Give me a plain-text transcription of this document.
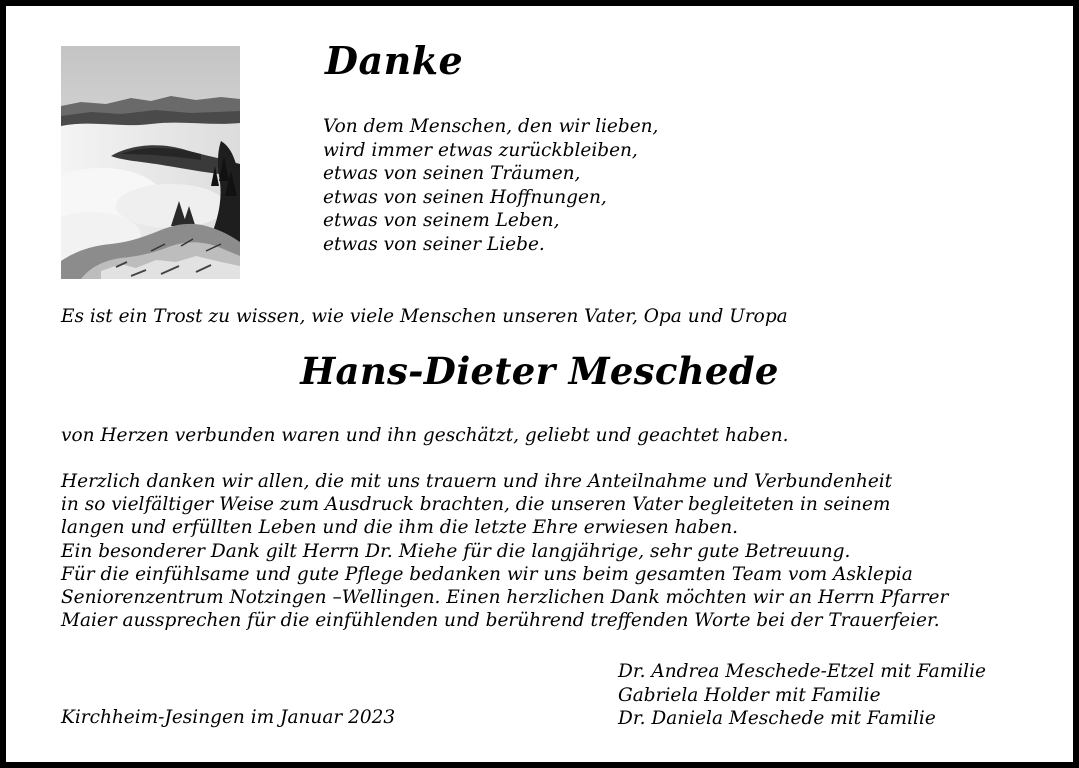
Danke
Von dem Menschen, den wir lieben,
wird immer etwas zurückbleiben,
etwas von seinen Träumen,
etwas von seinen Hoffnungen,
etwas von seinem Leben,
etwas von seiner Liebe.
Es ist ein Trost zu wissen, wie viele Menschen unseren Vater, Opa und Uropa
Hans-Dieter Meschede
von Herzen verbunden waren und ihn geschätzt, geliebt und geachtet haben.
Herzlich danken wir allen, die mit uns trauern und ihre Anteilnahme und Verbundenheit
in so vielfältiger Weise zum Ausdruck brachten, die unseren Vater begleiteten in seinem
langen und erfüllten Leben und die ihm die letzte Ehre erwiesen haben.
Ein besonderer Dank gilt Herrn Dr. Miehe für die langjährige, sehr gute Betreuung.
Für die einfühlsame und gute Pflege bedanken wir uns beim gesamten Team vom Asklepia
Seniorenzentrum Notzingen –Wellingen. Einen herzlichen Dank möchten wir an Herrn Pfarrer
Maier aussprechen für die einfühlenden und berührend treffenden Worte bei der Trauerfeier.
Dr. Andrea Meschede-Etzel mit Familie
Gabriela Holder mit Familie
Dr. Daniela Meschede mit Familie
Kirchheim-Jesingen im Januar 2023
